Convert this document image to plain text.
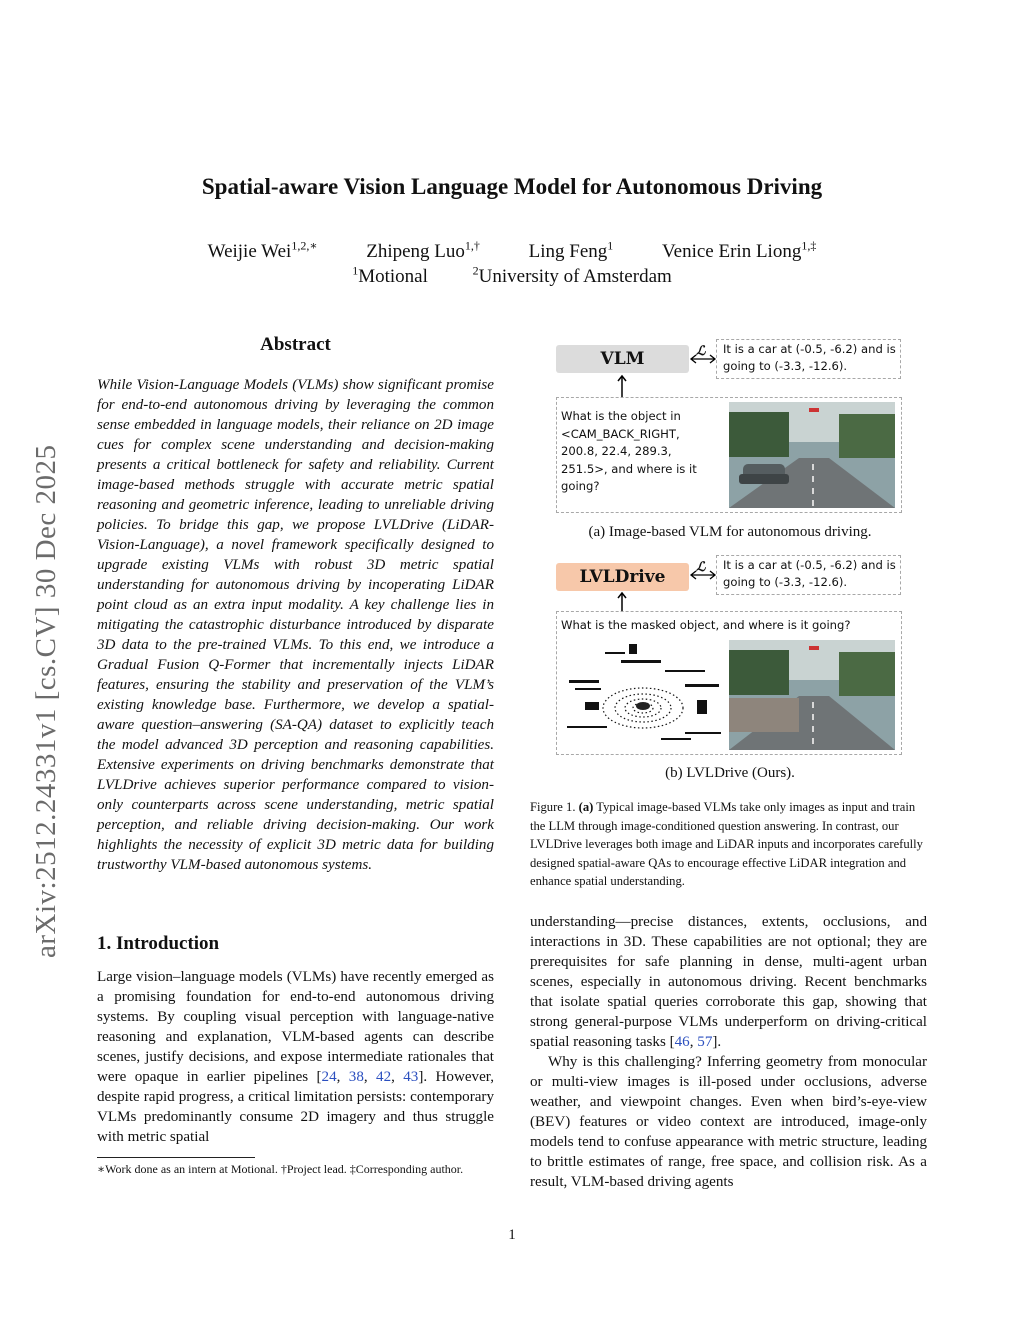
arXiv:2512.24331v1 [cs.CV] 30 Dec 2025
Spatial-aware Vision Language Model for Autonomous Driving
Weijie Wei$^{1,2,∗}$	Zhipeng Luo$^{1,\dagger}$	Ling Feng$^1$	Venice Erin Liong$^{1,\ddagger}$
$^1$Motional	$^2$University of Amsterdam
Abstract
While Vision-Language Models (VLMs) show significant promise for end-to-end autonomous driving by leveraging the common sense embedded in language models, their reliance on 2D image cues for complex scene understanding and decision-making presents a critical bottleneck for safety and reliability. Current image-based methods struggle with accurate metric spatial reasoning and geometric inference, leading to unreliable driving policies. To bridge this gap, we propose LVLDrive (LiDAR-Vision-Language), a novel framework specifically designed to upgrade existing VLMs with robust 3D metric spatial understanding for autonomous driving by incoperating LiDAR point cloud as an extra input modality. A key challenge lies in mitigating the catastrophic disturbance introduced by disparate 3D data to the pre-trained VLMs. To this end, we introduce a Gradual Fusion Q-Former that incrementally injects LiDAR features, ensuring the stability and preservation of the VLM’s existing knowledge base. Furthermore, we develop a spatial-aware question–answering (SA-QA) dataset to explicitly teach the model advanced 3D perception and reasoning capabilities. Extensive experiments on driving benchmarks demonstrate that LVLDrive achieves superior performance compared to vision-only counterparts across scene understanding, metric spatial perception, and reliable driving decision-making. Our work highlights the necessity of explicit 3D metric data for building trustworthy VLM-based autonomous systems.
1. Introduction
Large vision–language models (VLMs) have recently emerged as a promising foundation for end-to-end autonomous driving systems. By coupling visual perception with language-native reasoning and explanation, VLM-based agents can describe scenes, justify decisions, and expose intermediate rationales that were opaque in earlier pipelines [24, 38, 42, 43]. However, despite rapid progress, a critical limitation persists: contemporary VLMs predominantly consume 2D imagery and thus struggle with metric spatial
∗Work done as an intern at Motional. †Project lead. ‡Corresponding author.
VLM	ℒ	It is a car at (-0.5, -6.2) and is going to (-3.3, -12.6).
What is the object in <CAM_BACK_RIGHT, 200.8, 22.4, 289.3, 251.5>, and where is it going?
(a) Image-based VLM for autonomous driving.
LVLDrive
ℒ	It is a car at (-0.5, -6.2) and is going to (-3.3, -12.6).
What is the masked object, and where is it going?
(b) LVLDrive (Ours).
Figure 1. (a) Typical image-based VLMs take only images as input and train the LLM through image-conditioned question answering. In contrast, our LVLDrive leverages both image and LiDAR inputs and incorporates carefully designed spatial-aware QAs to encourage effective LiDAR integration and enhance spatial understanding.

understanding—precise distances, extents, occlusions, and interactions in 3D. These capabilities are not optional; they are prerequisites for safe planning in dense, multi-agent urban scenes, especially in autonomous driving. Recent benchmarks that isolate spatial queries corroborate this gap, showing that strong general-purpose VLMs underperform on driving-critical spatial reasoning tasks [46, 57].

Why is this challenging? Inferring geometry from monocular or multi-view images is ill-posed under occlusions, adverse weather, and viewpoint changes. Even when bird’s-eye-view (BEV) features or video context are introduced, image-only models tend to confuse appearance with metric structure, leading to brittle estimates of range, free space, and collision risk. As a result, VLM-based driving agents

1
